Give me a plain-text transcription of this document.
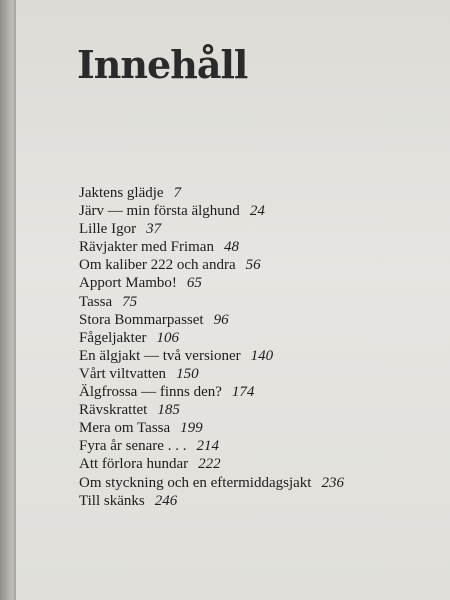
Innehåll
Jaktens glädje 7
Järv — min första älghund 24
Lille Igor 37
Rävjakter med Friman 48
Om kaliber 222 och andra 56
Apport Mambo! 65
Tassa 75
Stora Bommarpasset 96
Fågeljakter 106
En älgjakt — två versioner 140
Vårt viltvatten 150
Älgfrossa — finns den? 174
Rävskrattet 185
Mera om Tassa 199
Fyra år senare . . . 214
Att förlora hundar 222
Om styckning och en eftermiddagsjakt 236
Till skänks 246
